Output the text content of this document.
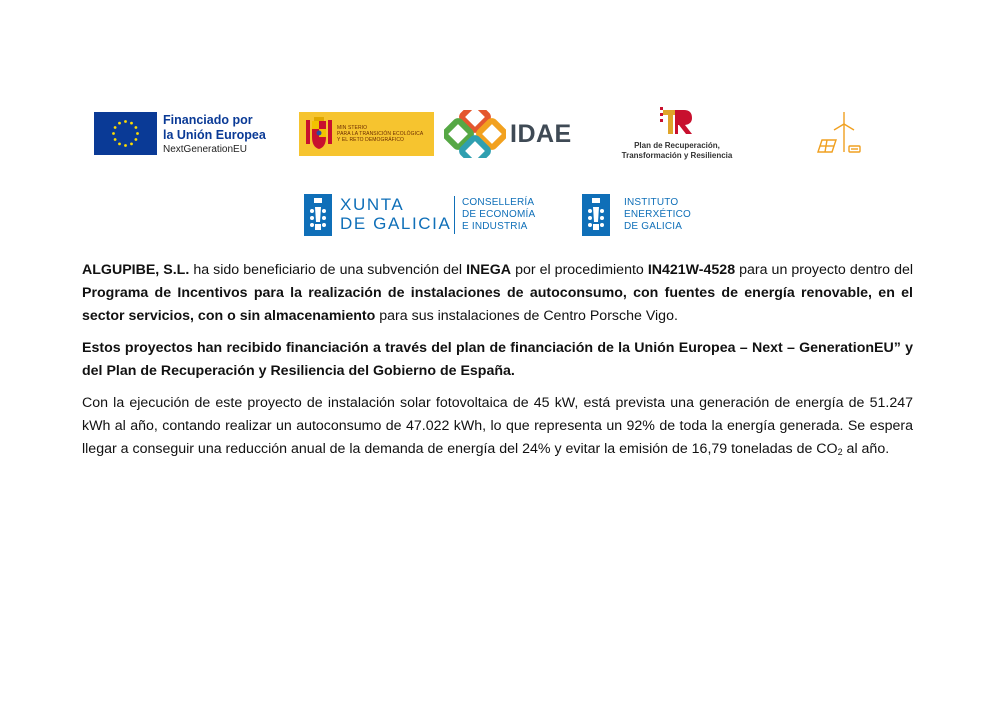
Financiado por
la Unión Europea
NextGenerationEU
MIN STERIO
PARA LA TRANSICIÓN ECOLÓGICA
Y EL RETO DEMOGRÁFICO	IDAE	Plan de Recuperación,
Transformación y Resiliencia
XUNTA
DE GALICIA
CONSELLERÍA
DE ECONOMÍA
E INDUSTRIA
INSTITUTO
ENERXÉTICO
DE GALICIA

ALGUPIBE, S.L. ha sido beneficiario de una subvención del INEGA por el procedimiento IN421W-4528 para un proyecto dentro del Programa de Incentivos para la realización de instalaciones de autoconsumo, con fuentes de energía renovable, en el sector servicios, con o sin almacenamiento para sus instalaciones de Centro Porsche Vigo.

Estos proyectos han recibido financiación a través del plan de financiación de la Unión Europea – Next – GenerationEU” y del Plan de Recuperación y Resiliencia del Gobierno de España.

Con la ejecución de este proyecto de instalación solar fotovoltaica de 45 kW, está prevista una generación de energía de 51.247 kWh al año, contando realizar un autoconsumo de 47.022 kWh, lo que representa un 92% de toda la energía generada. Se espera llegar a conseguir una reducción anual de la demanda de energía del 24% y evitar la emisión de 16,79 toneladas de $CO_2$ al año.
